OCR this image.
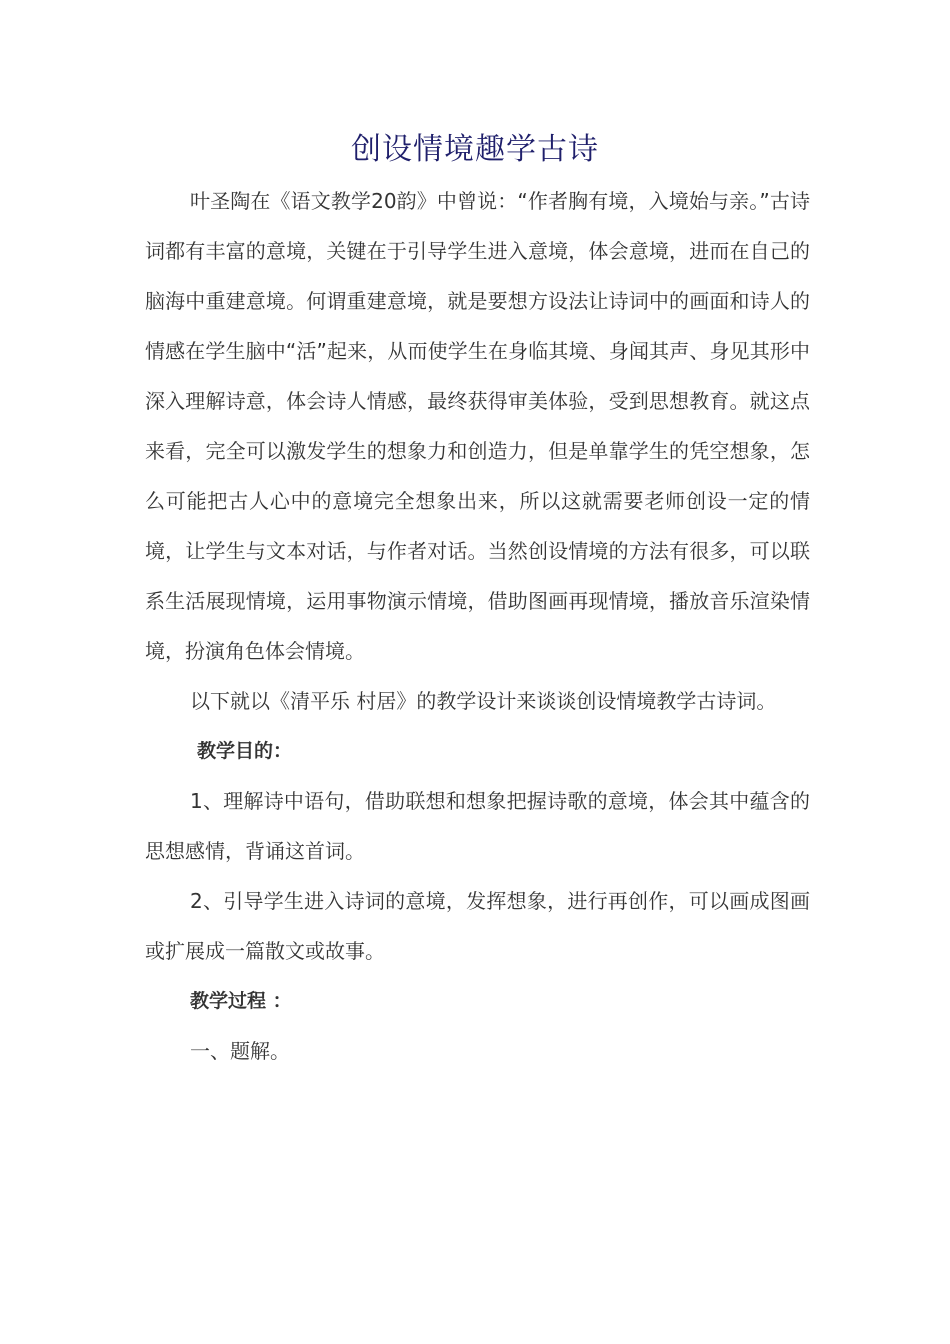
创设情境趣学古诗

叶圣陶在《语文教学20韵》中曾说：“作者胸有境，入境始与亲。”古诗词都有丰富的意境，关键在于引导学生进入意境，体会意境，进而在自己的脑海中重建意境。何谓重建意境，就是要想方设法让诗词中的画面和诗人的情感在学生脑中“活”起来，从而使学生在身临其境、身闻其声、身见其形中深入理解诗意，体会诗人情感，最终获得审美体验，受到思想教育。就这点来看，完全可以激发学生的想象力和创造力，但是单靠学生的凭空想象，怎么可能把古人心中的意境完全想象出来，所以这就需要老师创设一定的情境，让学生与文本对话，与作者对话。当然创设情境的方法有很多，可以联系生活展现情境，运用事物演示情境，借助图画再现情境，播放音乐渲染情境，扮演角色体会情境。

以下就以《清平乐 村居》的教学设计来谈谈创设情境教学古诗词。

教学目的：

1、理解诗中语句，借助联想和想象把握诗歌的意境，体会其中蕴含的思想感情，背诵这首词。

2、引导学生进入诗词的意境，发挥想象，进行再创作，可以画成图画或扩展成一篇散文或故事。

教学过程 ：

一、题解。
